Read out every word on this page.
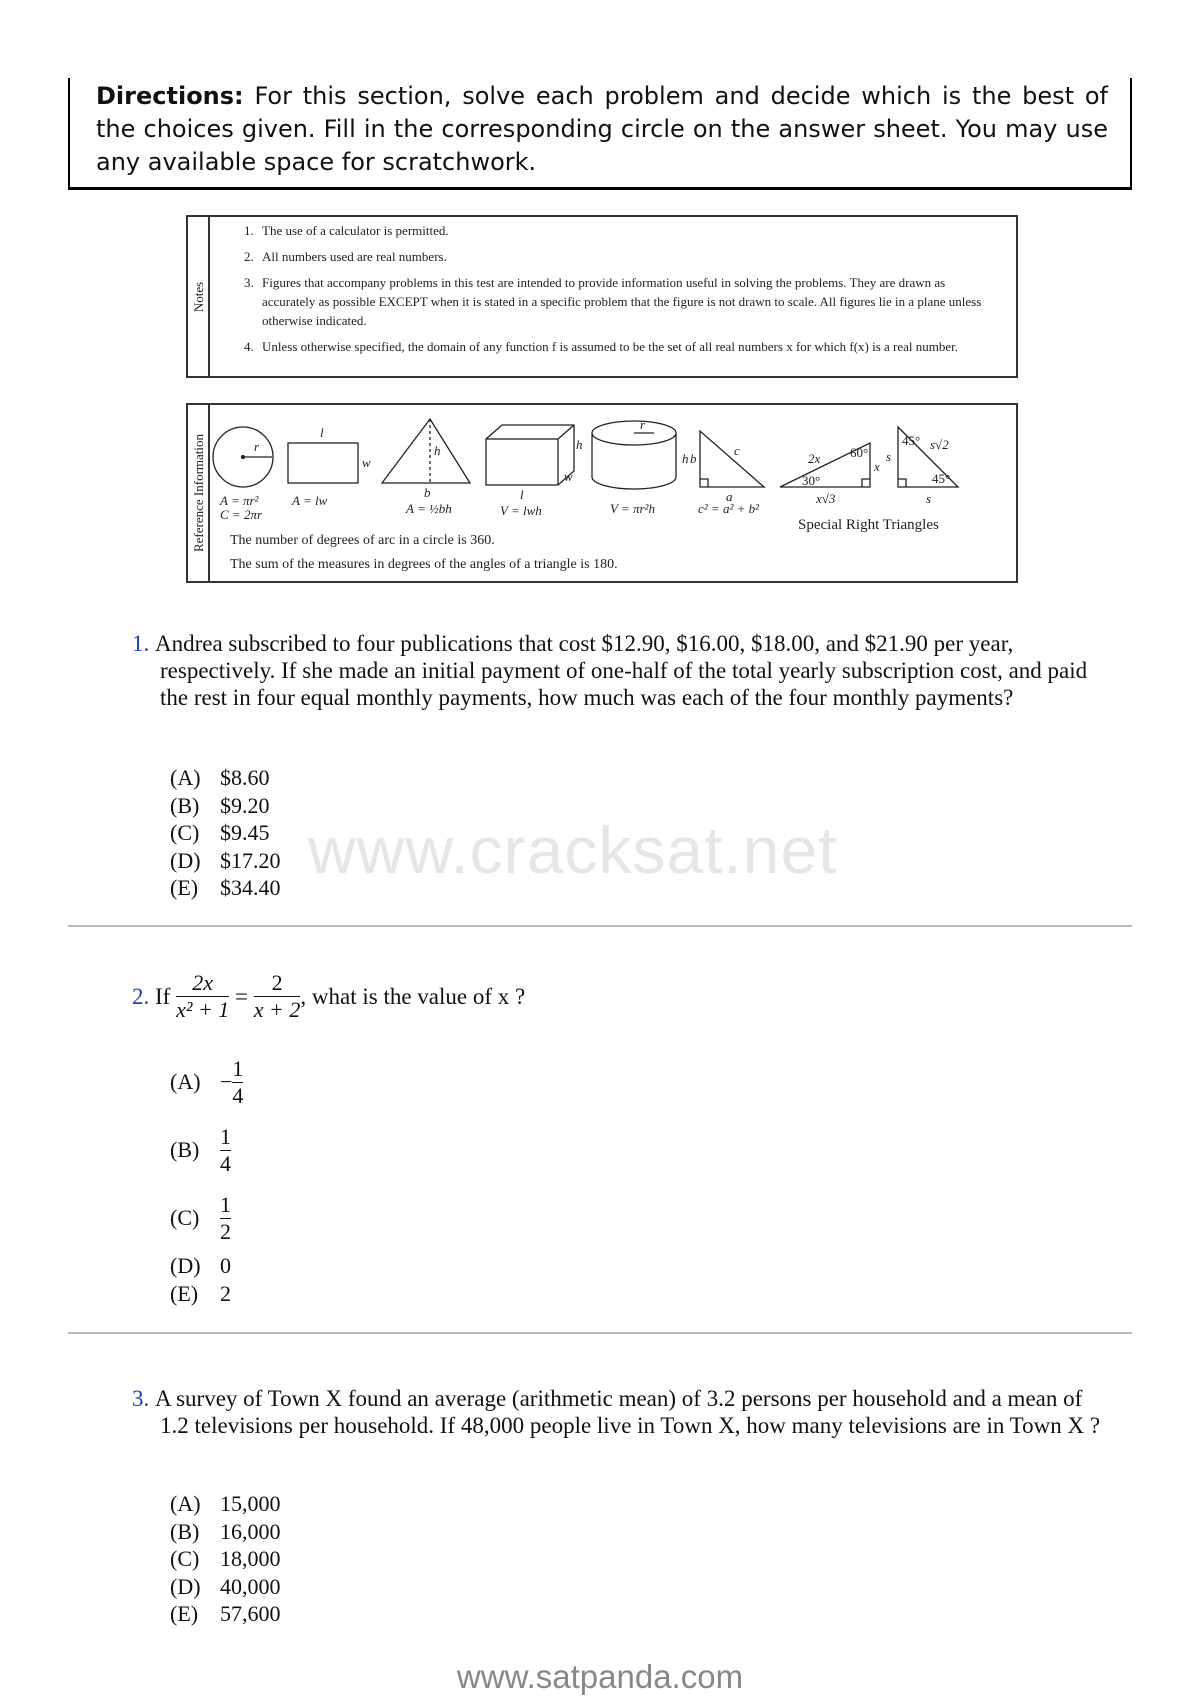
Directions: For this section, solve each problem and decide which is the best of the choices given. Fill in the corresponding circle on the answer sheet. You may use any available space for scratchwork.
Notes
1. The use of a calculator is permitted.
2. All numbers used are real numbers.
3. Figures that accompany problems in this test are intended to provide information useful in solving the problems. They are drawn as accurately as possible EXCEPT when it is stated in a specific problem that the figure is not drawn to scale. All figures lie in a plane unless otherwise indicated.
4. Unless otherwise specified, the domain of any function f is assumed to be the set of all real numbers x for which f(x) is a real number.
Reference Information	r
A = πr²
C = 2πr
l
w
A = lw
h
b
A = ½bh
h
w
l
V = lwh
r
h
V = πr²h
b
c
a
c² = a² + b²
2x 60°
x
30°
x√3
45° s√2
s
45°
s
Special Right Triangles
The number of degrees of arc in a circle is 360.
The sum of the measures in degrees of the angles of a triangle is 180.
1. Andrea subscribed to four publications that cost $12.90, $16.00, $18.00, and $21.90 per year, respectively. If she made an initial payment of one-half of the total yearly subscription cost, and paid the rest in four equal monthly payments, how much was each of the four monthly payments?
(A) $8.60
(B) $9.20
(C) $9.45
(D) $17.20
(E) $34.40
www.cracksat.net
2.
If
$\frac{2x}{\text{x² + 1}}$
=
$\frac{2}{x + 2}$ , what is the value of x ?
$(A) - \frac{1}{4}$
$(B) \frac{1}{4}$
$(C) \frac{1}{2}$
(D) 0
(E) 2
3. A survey of Town X found an average (arithmetic mean) of 3.2 persons per household and a mean of 1.2 televisions per household. If 48,000 people live in Town X, how many televisions are in Town X ?
(A) 15,000
(B) 16,000
(C) 18,000
(D) 40,000
(E) 57,600
www.satpanda.com
